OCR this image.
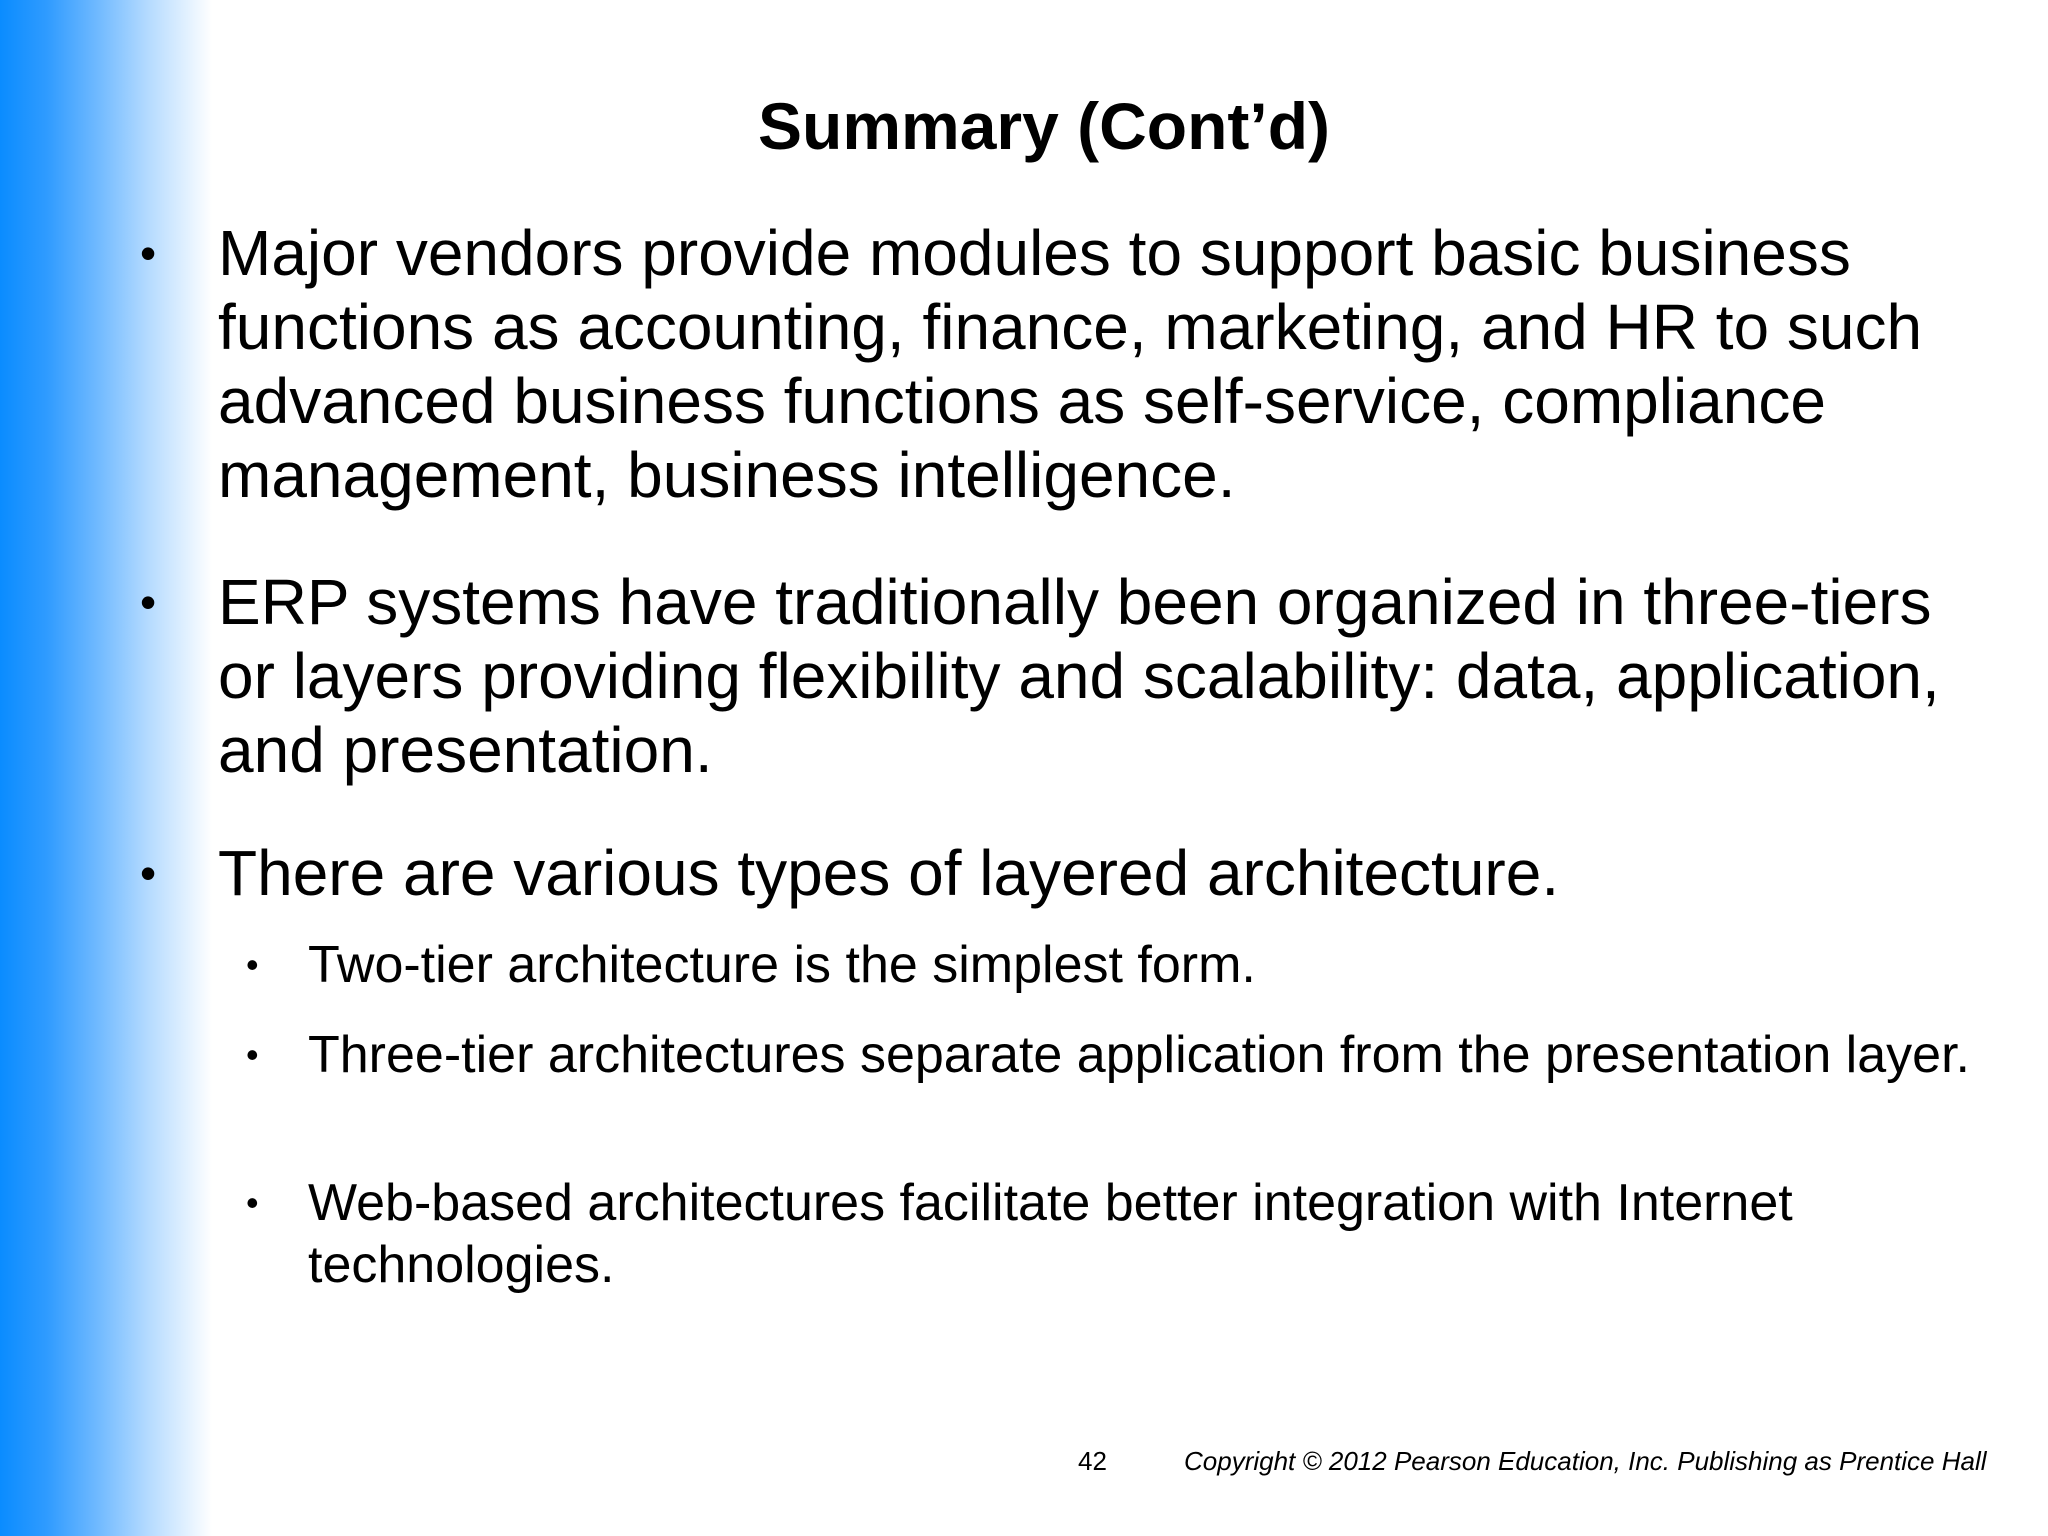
Summary (Cont’d)
• Major vendors provide modules to support basic business functions as accounting, finance, marketing, and HR to such advanced business functions as self-service, compliance management, business intelligence.
• ERP systems have traditionally been organized in three-tiers or layers providing flexibility and scalability: data, application, and presentation.
• There are various types of layered architecture.
• Two-tier architecture is the simplest form.
• Three-tier architectures separate application from the presentation layer.
• Web-based architectures facilitate better integration with Internet technologies.
42	Copyright © 2012 Pearson Education, Inc. Publishing as Prentice Hall
